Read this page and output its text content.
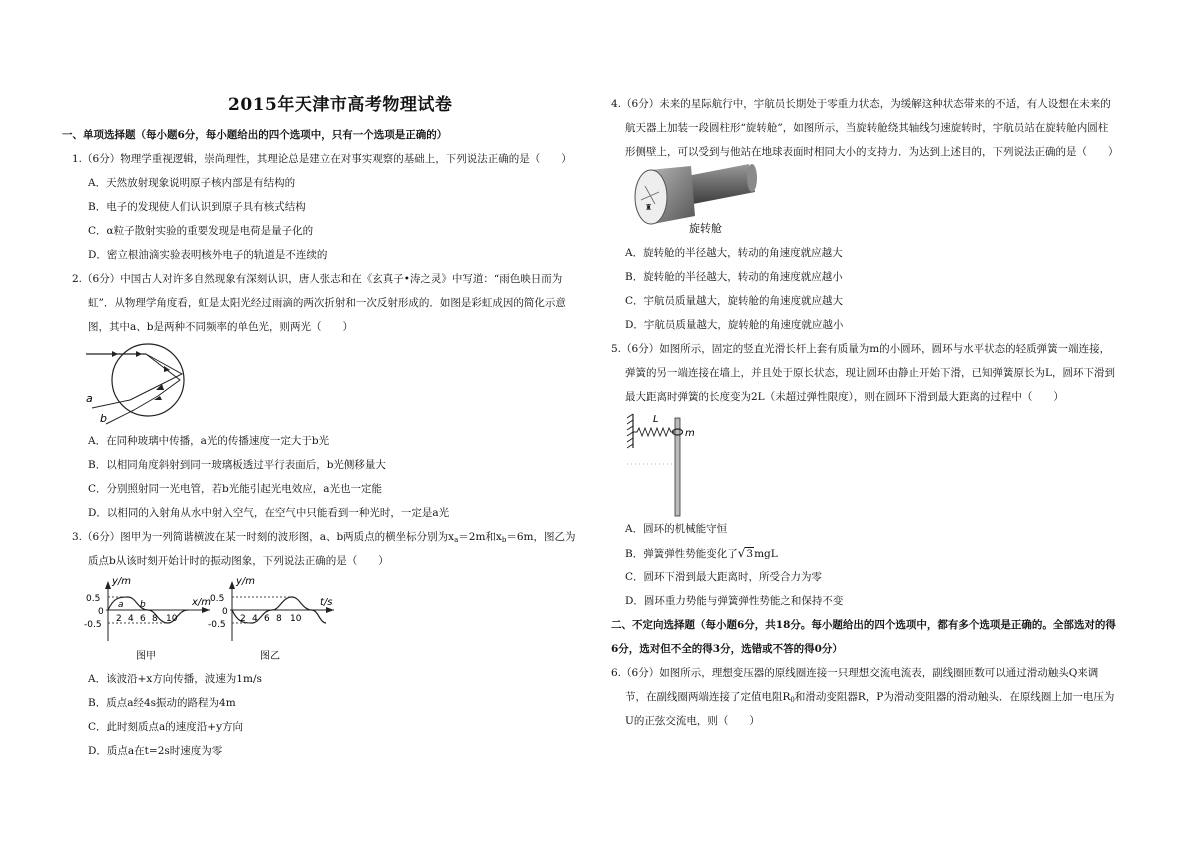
2015年天津市高考物理试卷
一、单项选择题（每小题6分，每小题给出的四个选项中，只有一个选项是正确的）
1.（6分）物理学重视逻辑，崇尚理性，其理论总是建立在对事实观察的基础上，下列说法正确的是（　　）
A．天然放射现象说明原子核内部是有结构的
B．电子的发现使人们认识到原子具有核式结构
C．α粒子散射实验的重要发现是电荷是量子化的
D．密立根油滴实验表明核外电子的轨道是不连续的
2.（6分）中国古人对许多自然现象有深刻认识，唐人张志和在《玄真子•涛之灵》中写道：“雨色映日而为
虹”．从物理学角度看，虹是太阳光经过雨滴的两次折射和一次反射形成的．如图是彩虹成因的简化示意
图，其中a、b是两种不同频率的单色光，则两光（　　）
a
b
A．在同种玻璃中传播，a光的传播速度一定大于b光
B．以相同角度斜射到同一玻璃板透过平行表面后，b光侧移量大
C．分别照射同一光电管，若b光能引起光电效应，a光也一定能
D．以相同的入射角从水中射入空气，在空气中只能看到一种光时，一定是a光
3.（6分）图甲为一列简谐横波在某一时刻的波形图，a、b两质点的横坐标分别为$x_a=2m$和$x_b=6m$，图乙为
质点b从该时刻开始计时的振动图象，下列说法正确的是（　　）
y/m
x/m
0.5
0
-0.5
2 4 6 8 10
a b
图甲
y/m
t/s
0.5
0
-0.5
2 4 6 8 10
图乙
A．该波沿+x方向传播，波速为1m/s
B．质点a经4s振动的路程为4m
C．此时刻质点a的速度沿+y方向
D．质点a在t=2s时速度为零
4.（6分）未来的星际航行中，宇航员长期处于零重力状态，为缓解这种状态带来的不适，有人设想在未来的
航天器上加装一段圆柱形“旋转舱”，如图所示，当旋转舱绕其轴线匀速旋转时，宇航员站在旋转舱内圆柱
形侧壁上，可以受到与他站在地球表面时相同大小的支持力．为达到上述目的，下列说法正确的是（　　）
♜
旋转舱
A．旋转舱的半径越大，转动的角速度就应越大
B．旋转舱的半径越大，转动的角速度就应越小
C．宇航员质量越大，旋转舱的角速度就应越大
D．宇航员质量越大，旋转舱的角速度就应越小
5.（6分）如图所示，固定的竖直光滑长杆上套有质量为m的小圆环，圆环与水平状态的轻质弹簧一端连接，
弹簧的另一端连接在墙上，并且处于原长状态，现让圆环由静止开始下滑，已知弹簧原长为L，圆环下滑到
最大距离时弹簧的长度变为2L（未超过弹性限度），则在圆环下滑到最大距离的过程中（　　）
L
m
A．圆环的机械能守恒
B．弹簧弹性势能变化了√3mgL
C．圆环下滑到最大距离时，所受合力为零
D．圆环重力势能与弹簧弹性势能之和保持不变
二、不定向选择题（每小题6分，共18分。每小题给出的四个选项中，都有多个选项是正确的。全部选对的得
6分，选对但不全的得3分，选错或不答的得0分）
6.（6分）如图所示，理想变压器的原线圈连接一只理想交流电流表，副线圈匝数可以通过滑动触头Q来调
节，在副线圈两端连接了定值电阻$R_0$和滑动变阻器R，P为滑动变阻器的滑动触头．在原线圈上加一电压为
U的正弦交流电，则（　　）
